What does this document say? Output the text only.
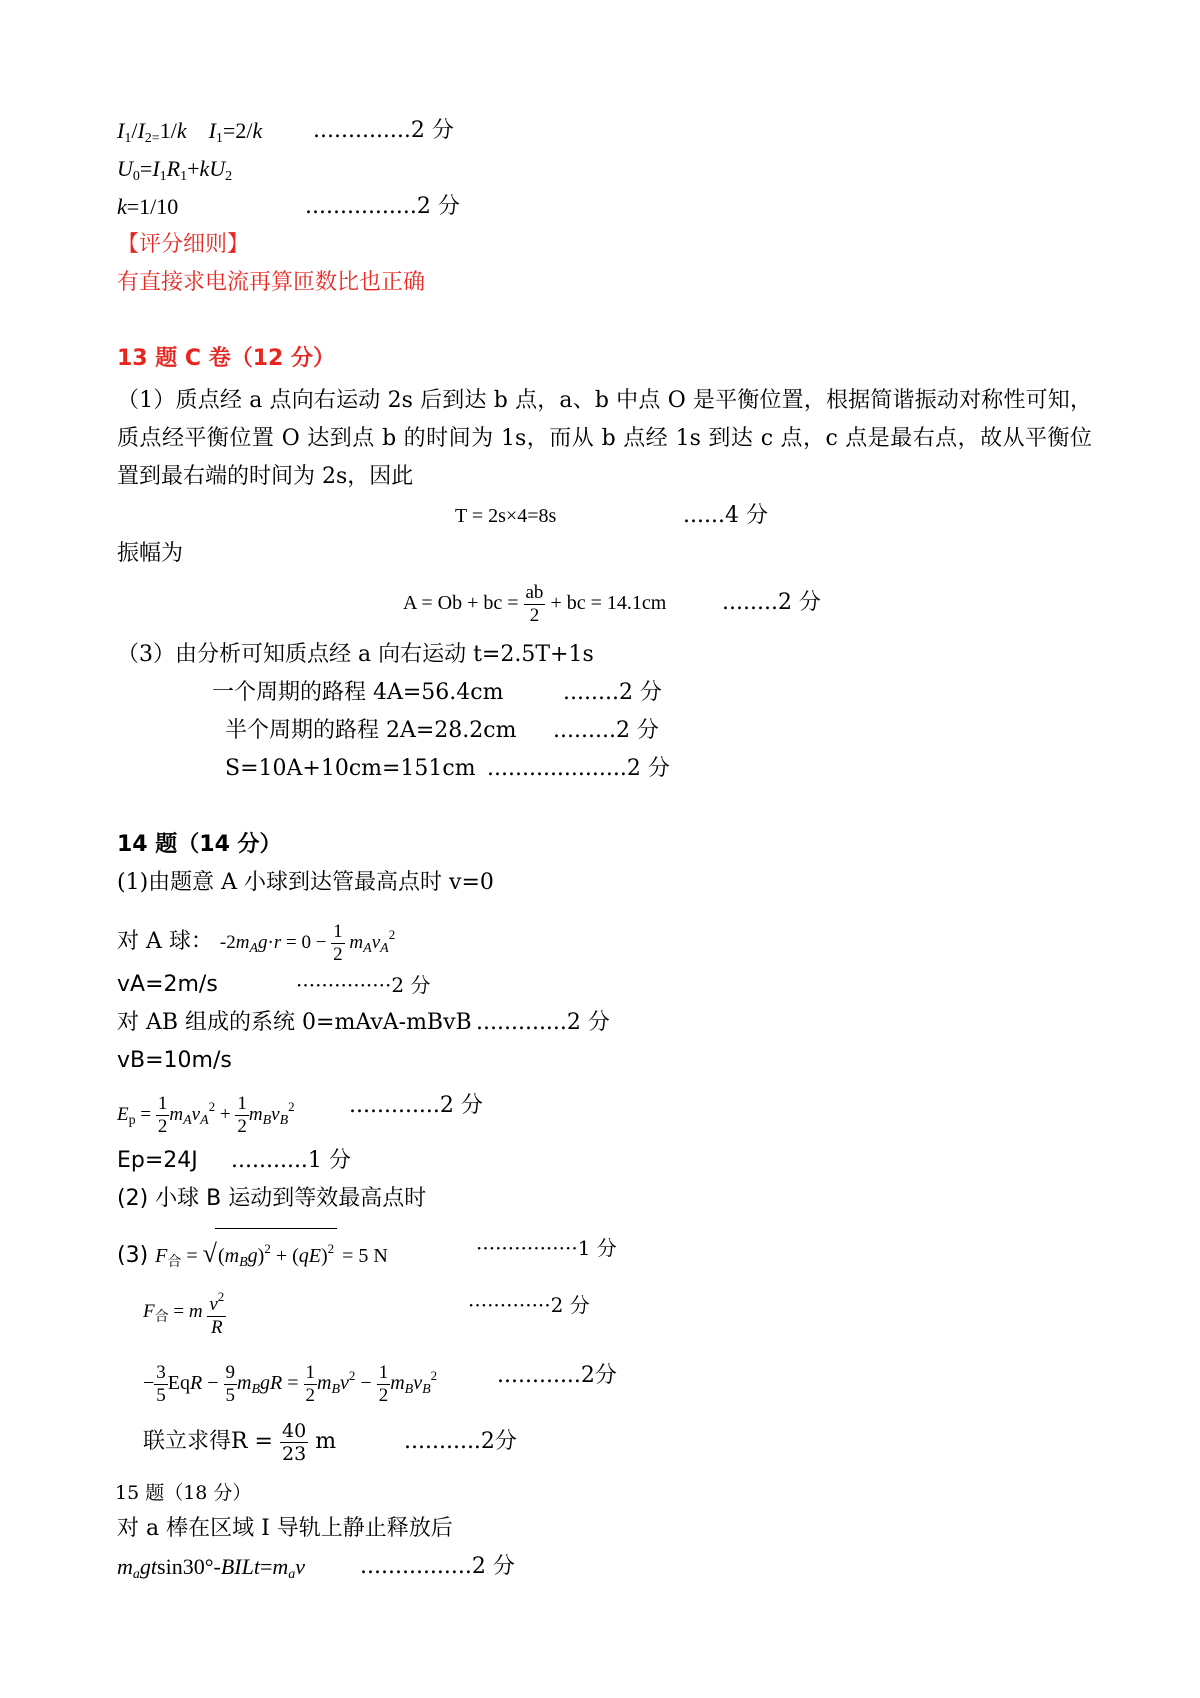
$I_1/I_{2=}1/k$ $I_1=2/k$ ..............2 分
$U_0=I_1R_1+kU_2$
k=1/10	................2 分
【评分细则】
有直接求电流再算匝数比也正确
13 题 C 卷（12 分）
（1）质点经 a 点向右运动 2s 后到达 b 点，a、b 中点 O 是平衡位置，根据简谐振动对称性可知，质点经平衡位置 O 达到点 b 的时间为 1s，而从 b 点经 1s 到达 c 点，c 点是最右点，故从平衡位置到最右端的时间为 2s，因此
T = 2s×4=8s	......4 分
振幅为
A = Ob + bc = $\frac{ab}{2}$ + bc = 14.1cm	........2 分
（3）由分析可知质点经 a 向右运动 t=2.5T+1s
一个周期的路程 4A=56.4cm	........2 分
半个周期的路程 2A=28.2cm .........2 分
S=10A+10cm=151cm ....................2 分
14 题（14 分）
(1)由题意 A 小球到达管最高点时 v=0
对 A 球： $-2m_Ag\cdot r = 0 - \frac{1}{2} m_Av_A^2$
vA=2m/s	···············2 分
对 AB 组成的系统 0=mAvA-mBvB .............2 分
vB=10m/s
$E_p = \frac{1}{2} m_Av_A^2 + \frac{1}{2} m_Bv_B^2$ .............2 分
Ep=24J ...........1 分
(2) 小球 B 运动到等效最高点时
(3) $F_合 = √(m_Bg)^2 + (qE)^2 = 5$ N	················1 分
$F_合 = m \frac{v^2}{R}$	·············2 分
− $\frac{3}{5}$ EqR − $\frac{9}{5} m_BgR = \frac{1}{2} m_Bv^2 - \frac{1}{2} m_Bv_B^2$	............2分
联立求得$R = \frac{40}{23}$ m	...........2分
15 题（18 分）
对 a 棒在区域 I 导轨上静止释放后
$m_agtsin30^\circ-BILt=m_av$ ................2 分
